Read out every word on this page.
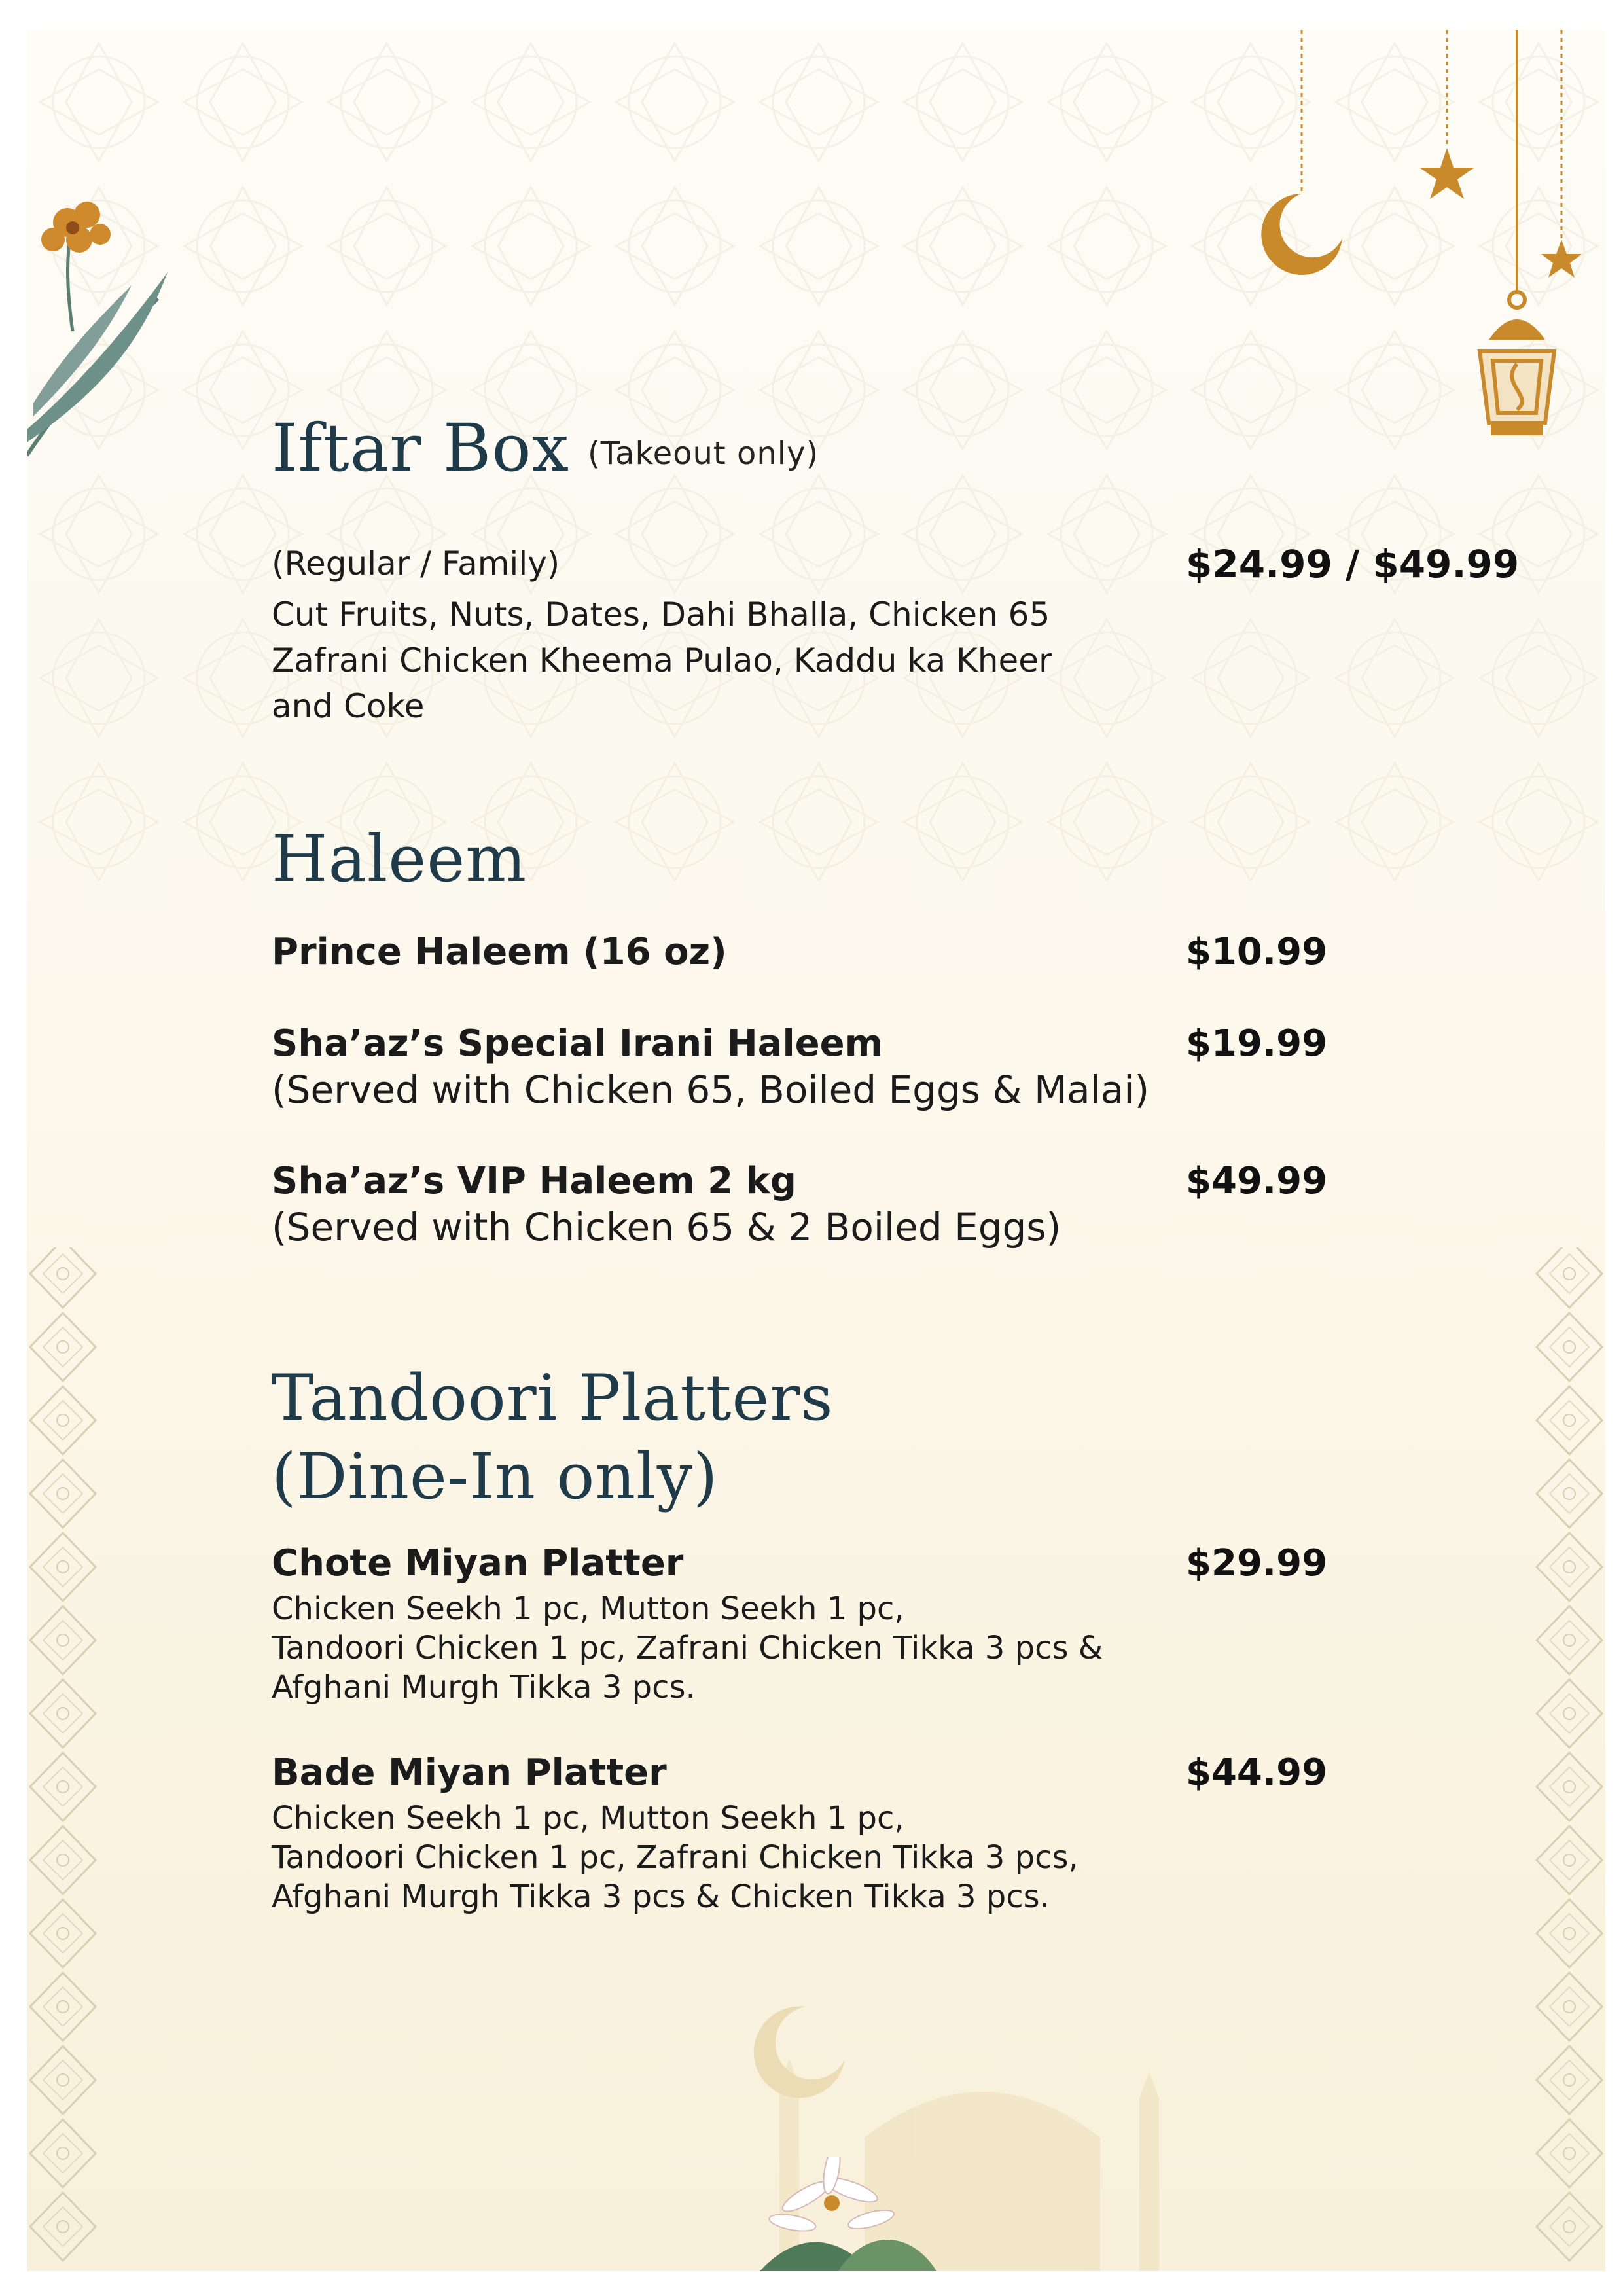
Iftar Box (Takeout only)
(Regular / Family)	$24.99 / $49.99
Cut Fruits, Nuts, Dates, Dahi Bhalla, Chicken 65
Zafrani Chicken Kheema Pulao, Kaddu ka Kheer
and Coke
Haleem
Prince Haleem (16 oz)	$10.99
Sha’az’s Special Irani Haleem	$19.99
(Served with Chicken 65, Boiled Eggs & Malai)
Sha’az’s VIP Haleem 2 kg	$49.99
(Served with Chicken 65 & 2 Boiled Eggs)
Tandoori Platters
(Dine-In only)
Chote Miyan Platter	$29.99
Chicken Seekh 1 pc, Mutton Seekh 1 pc,
Tandoori Chicken 1 pc, Zafrani Chicken Tikka 3 pcs &
Afghani Murgh Tikka 3 pcs.
Bade Miyan Platter	$44.99
Chicken Seekh 1 pc, Mutton Seekh 1 pc,
Tandoori Chicken 1 pc, Zafrani Chicken Tikka 3 pcs,
Afghani Murgh Tikka 3 pcs & Chicken Tikka 3 pcs.
